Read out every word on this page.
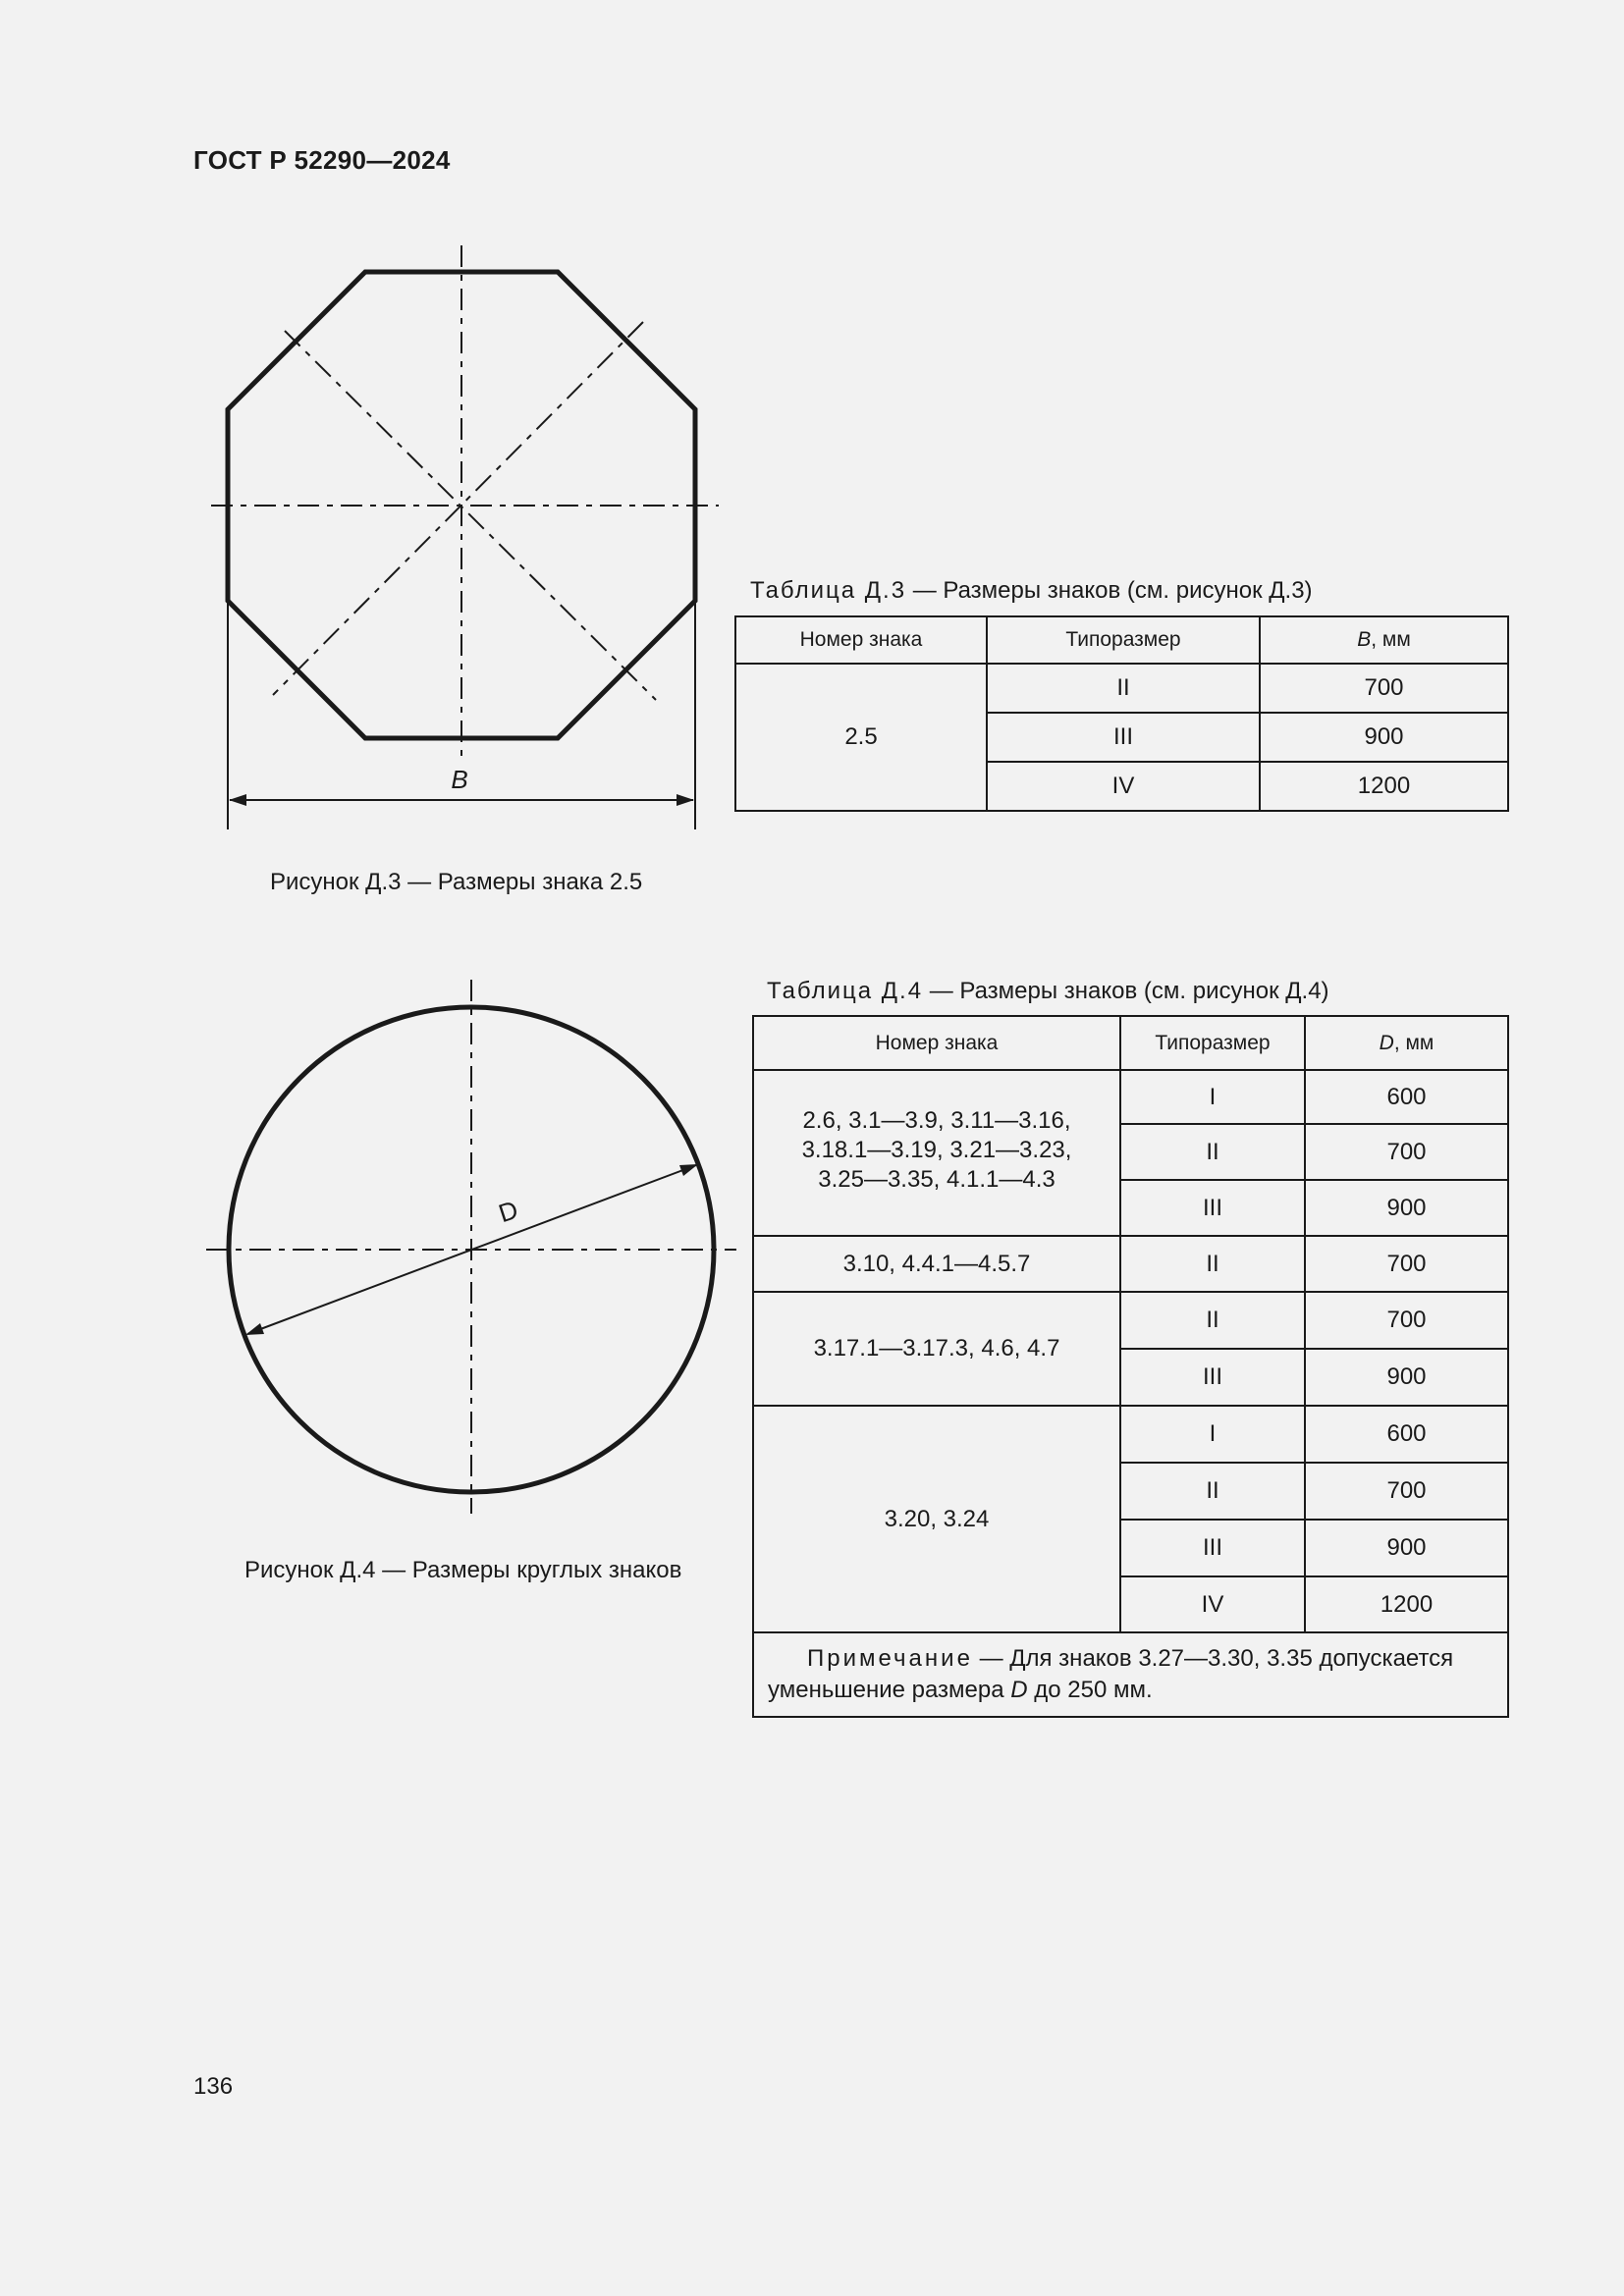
ГОСТ Р 52290—2024
B
D
Рисунок Д.3 — Размеры знака 2.5
Рисунок Д.4 — Размеры круглых знаков
Таблица Д.3 — Размеры знаков (см. рисунок Д.3)
Номер знака	Типоразмер	B, мм
2.5	II	700
	III	900
	IV	1200
Таблица Д.4 — Размеры знаков (см. рисунок Д.4)
Номер знака	Типоразмер	D, мм

2.6, 3.1—3.9, 3.11—3.16,
3.18.1—3.19, 3.21—3.23,
3.25—3.35, 4.1.1—4.3	I	600
	II	700
	III	900
3.10, 4.4.1—4.5.7	II	700
3.17.1—3.17.3, 4.6, 4.7	II	700
	III	900
3.20, 3.24	I	600
	II	700
	III	900
	IV	1200
Примечание — Для знаков 3.27—3.30, 3.35 допускается уменьшение размера D до 250 мм.		
136
